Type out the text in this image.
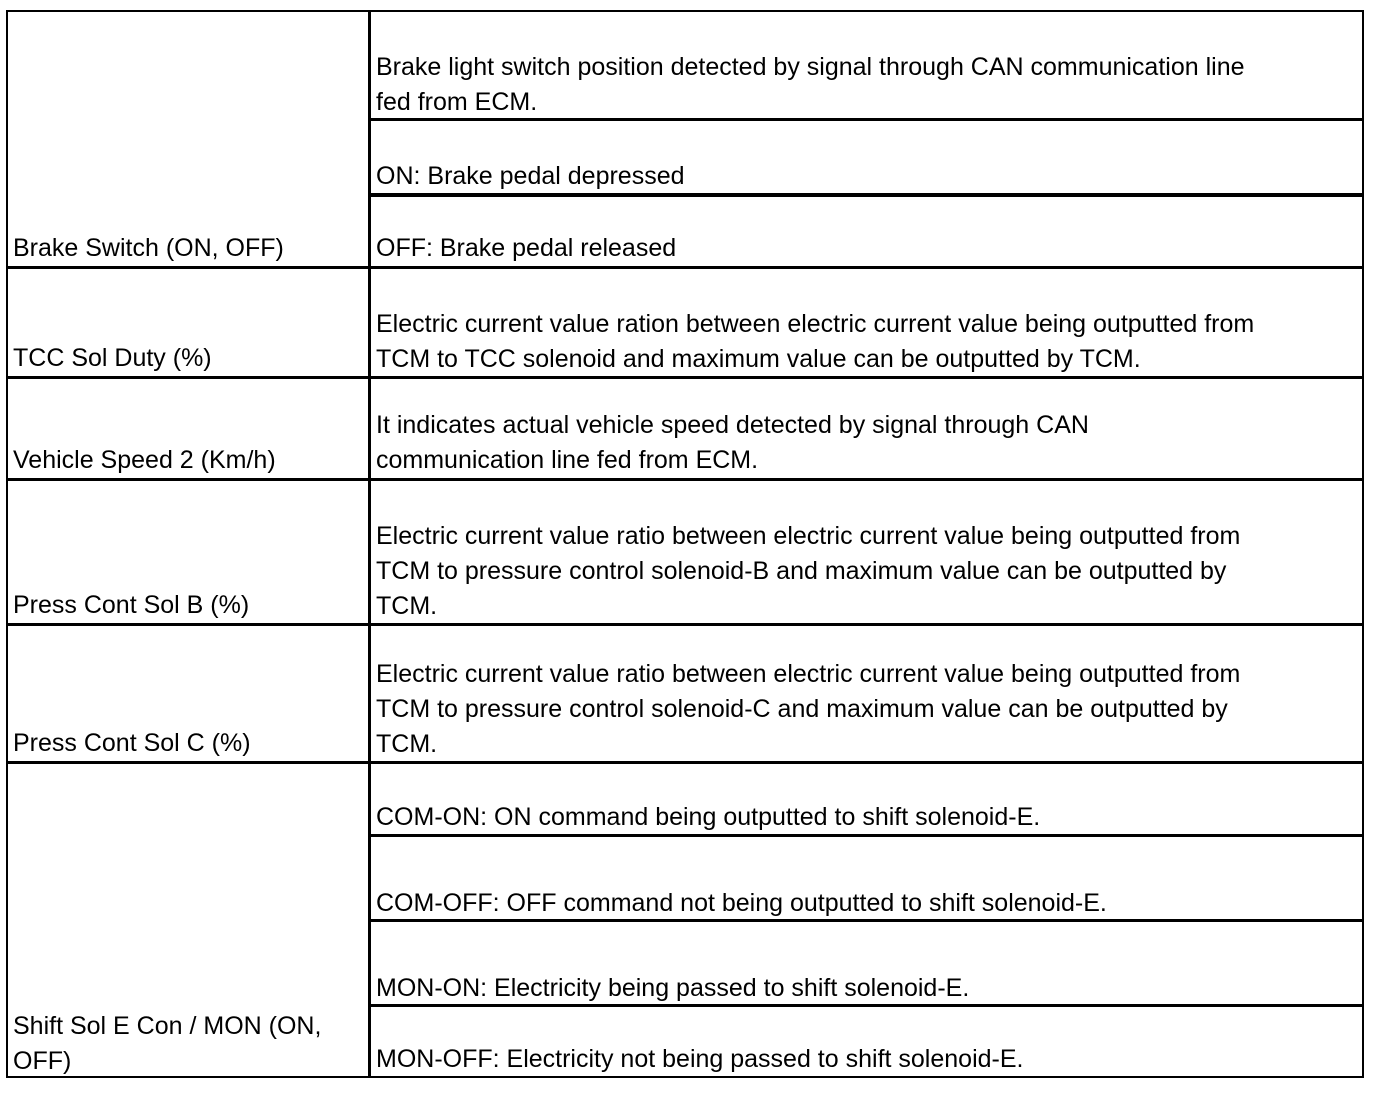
Brake light switch position detected by signal through CAN communication line
fed from ECM.
ON: Brake pedal depressed
OFF: Brake pedal released
Brake Switch (ON, OFF)
Electric current value ration between electric current value being outputted from
TCM to TCC solenoid and maximum value can be outputted by TCM.
TCC Sol Duty (%)
It indicates actual vehicle speed detected by signal through CAN
communication line fed from ECM.
Vehicle Speed 2 (Km/h)
Electric current value ratio between electric current value being outputted from
TCM to pressure control solenoid-B and maximum value can be outputted by
TCM.
Press Cont Sol B (%)
Electric current value ratio between electric current value being outputted from
TCM to pressure control solenoid-C and maximum value can be outputted by
TCM.
Press Cont Sol C (%)
COM-ON: ON command being outputted to shift solenoid-E.
COM-OFF: OFF command not being outputted to shift solenoid-E.
MON-ON: Electricity being passed to shift solenoid-E.
MON-OFF: Electricity not being passed to shift solenoid-E.
Shift Sol E Con / MON (ON,
OFF)
